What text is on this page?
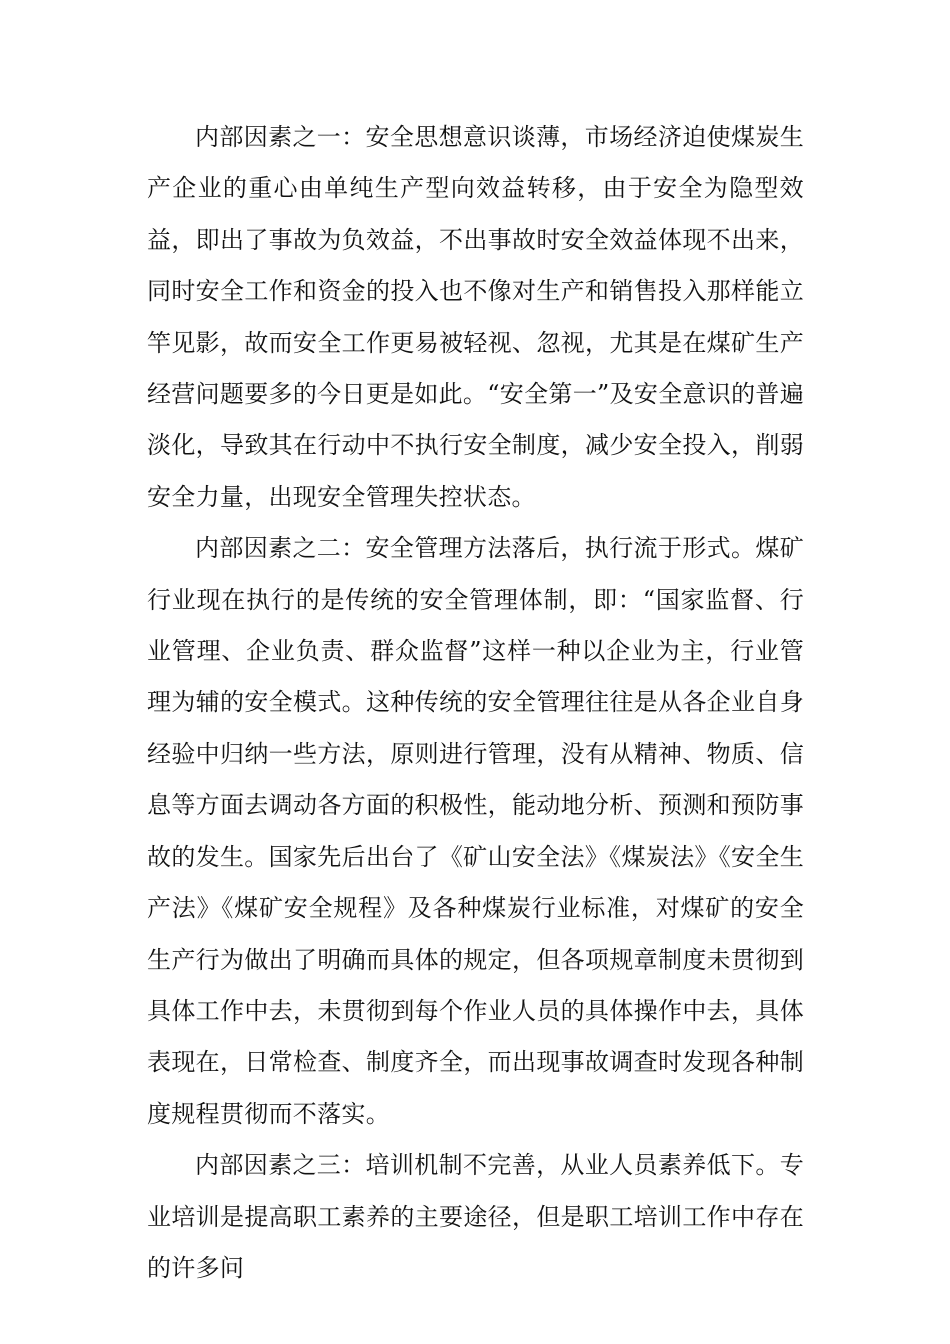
内部因素之一：安全思想意识谈薄，市场经济迫使煤炭生产企业的重心由单纯生产型向效益转移，由于安全为隐型效益，即出了事故为负效益，不出事故时安全效益体现不出来，同时安全工作和资金的投入也不像对生产和销售投入那样能立竿见影，故而安全工作更易被轻视、忽视，尤其是在煤矿生产经营问题要多的今日更是如此。“安全第一”及安全意识的普遍淡化，导致其在行动中不执行安全制度，减少安全投入，削弱安全力量，出现安全管理失控状态。

内部因素之二：安全管理方法落后，执行流于形式。煤矿行业现在执行的是传统的安全管理体制，即：“国家监督、行业管理、企业负责、群众监督”这样一种以企业为主，行业管理为辅的安全模式。这种传统的安全管理往往是从各企业自身经验中归纳一些方法，原则进行管理，没有从精神、物质、信息等方面去调动各方面的积极性，能动地分析、预测和预防事故的发生。国家先后出台了《矿山安全法》《煤炭法》《安全生产法》《煤矿安全规程》及各种煤炭行业标准，对煤矿的安全生产行为做出了明确而具体的规定，但各项规章制度未贯彻到具体工作中去，未贯彻到每个作业人员的具体操作中去，具体表现在，日常检查、制度齐全，而出现事故调查时发现各种制度规程贯彻而不落实。

内部因素之三：培训机制不完善，从业人员素养低下。专业培训是提高职工素养的主要途径，但是职工培训工作中存在的许多问
